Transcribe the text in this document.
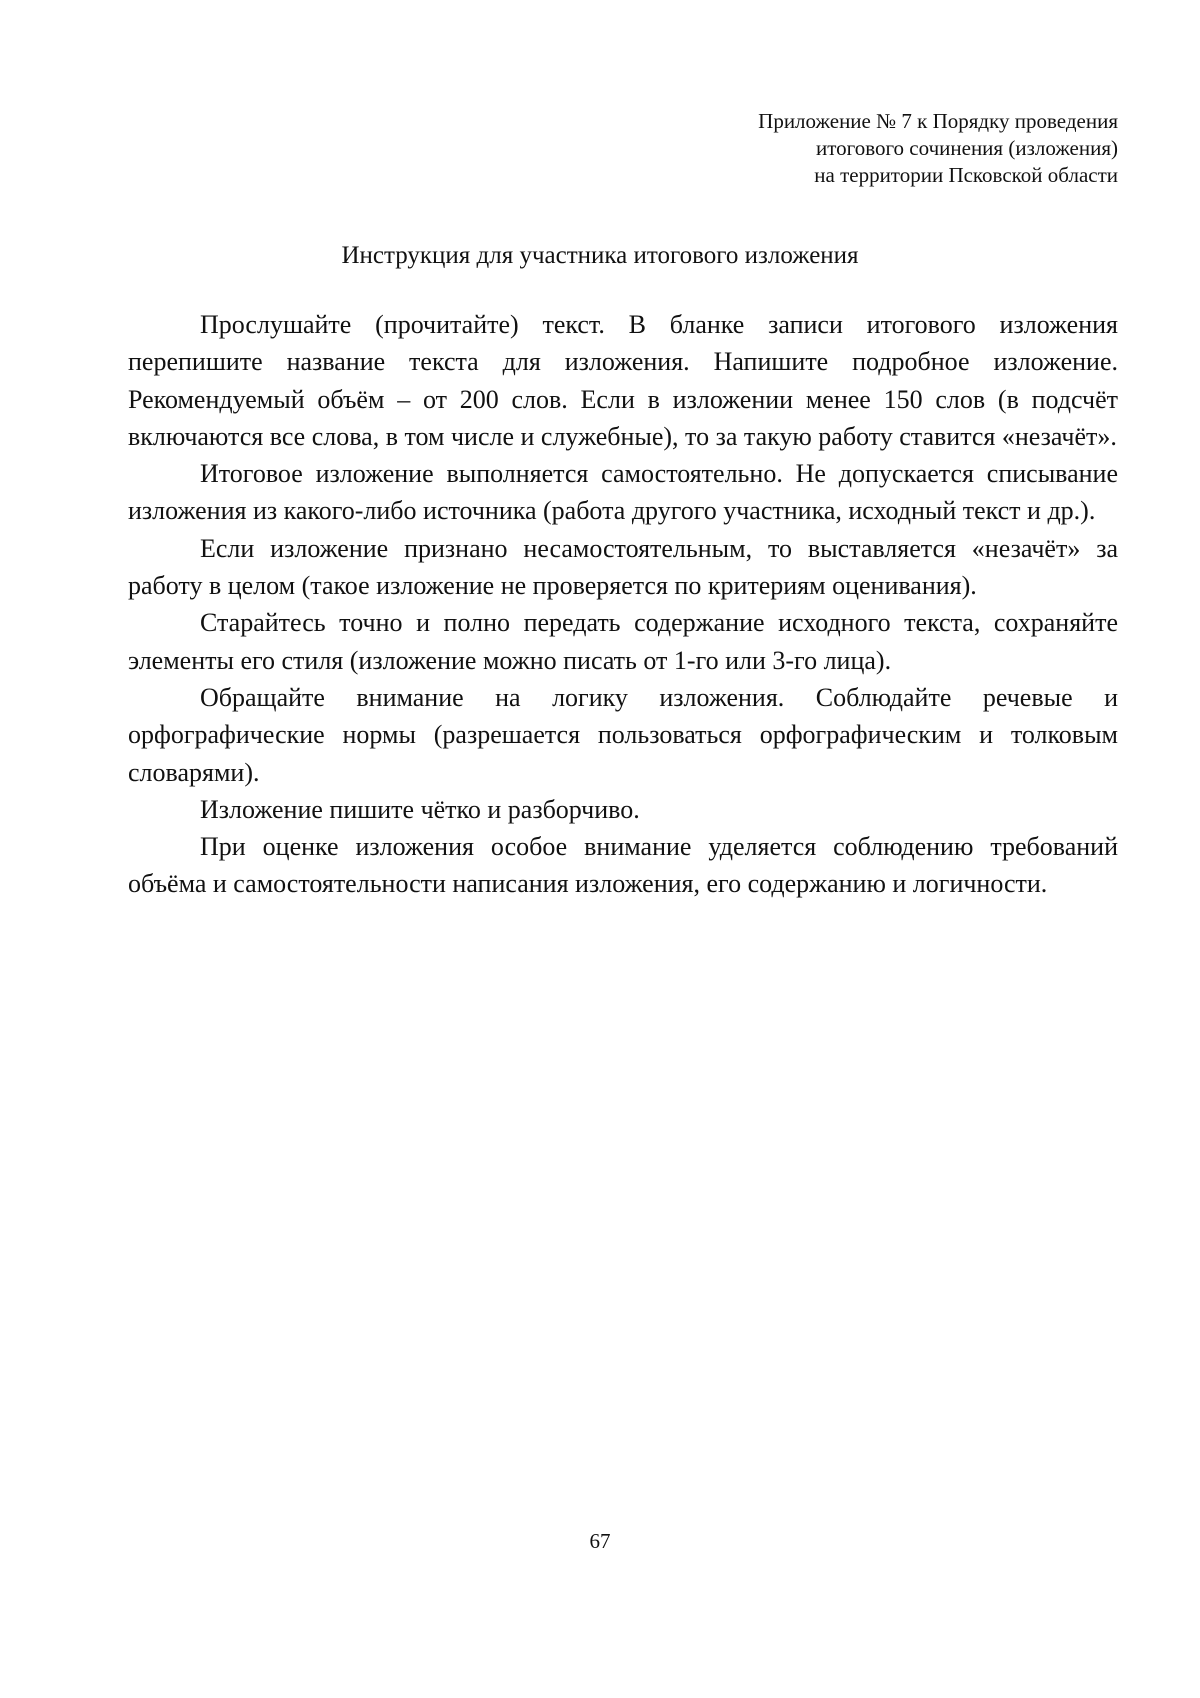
Приложение № 7 к Порядку проведения
итогового сочинения (изложения)
на территории Псковской области
Инструкция для участника итогового изложения

Прослушайте (прочитайте) текст. В бланке записи итогового изложения перепишите название текста для изложения. Напишите подробное изложение. Рекомендуемый объём – от 200 слов. Если в изложении менее 150 слов (в подсчёт включаются все слова, в том числе и служебные), то за такую работу ставится «незачёт».

Итоговое изложение выполняется самостоятельно. Не допускается списывание изложения из какого-либо источника (работа другого участника, исходный текст и др.).

Если изложение признано несамостоятельным, то выставляется «незачёт» за работу в целом (такое изложение не проверяется по критериям оценивания).

Старайтесь точно и полно передать содержание исходного текста, сохраняйте элементы его стиля (изложение можно писать от 1-го или 3-го лица).

Обращайте внимание на логику изложения. Соблюдайте речевые и орфографические нормы (разрешается пользоваться орфографическим и толковым словарями).

Изложение пишите чётко и разборчиво.

При оценке изложения особое внимание уделяется соблюдению требований объёма и самостоятельности написания изложения, его содержанию и логичности.

67
